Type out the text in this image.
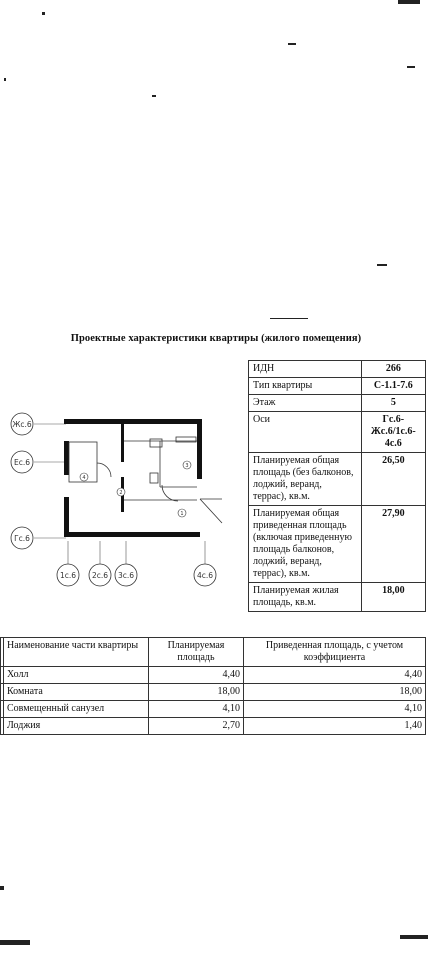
Проектные характеристики квартиры (жилого помещения)
Жс.6
Ес.6
Гс.6
1с.6 2с.6 3с.6	4с.6
4
2
3
1
ИДН	266
Тип квартиры	С-1.1-7.6
Этаж	5
Оси	Гс.6-Жс.6/1с.6-4с.6
Планируемая общая площадь (без балконов, лоджий, веранд, террас), кв.м.	26,50
Планируемая общая приведенная площадь (включая приведенную площадь балконов, лоджий, веранд, террас), кв.м.	27,90
Планируемая жилая площадь, кв.м.	18,00
	Наименование части квартиры	Планируемая площадь	Приведенная площадь, с учетом коэффициента
	Холл	4,40	4,40
	Комната	18,00	18,00
	Совмещенный санузел	4,10	4,10
	Лоджия	2,70	1,40
